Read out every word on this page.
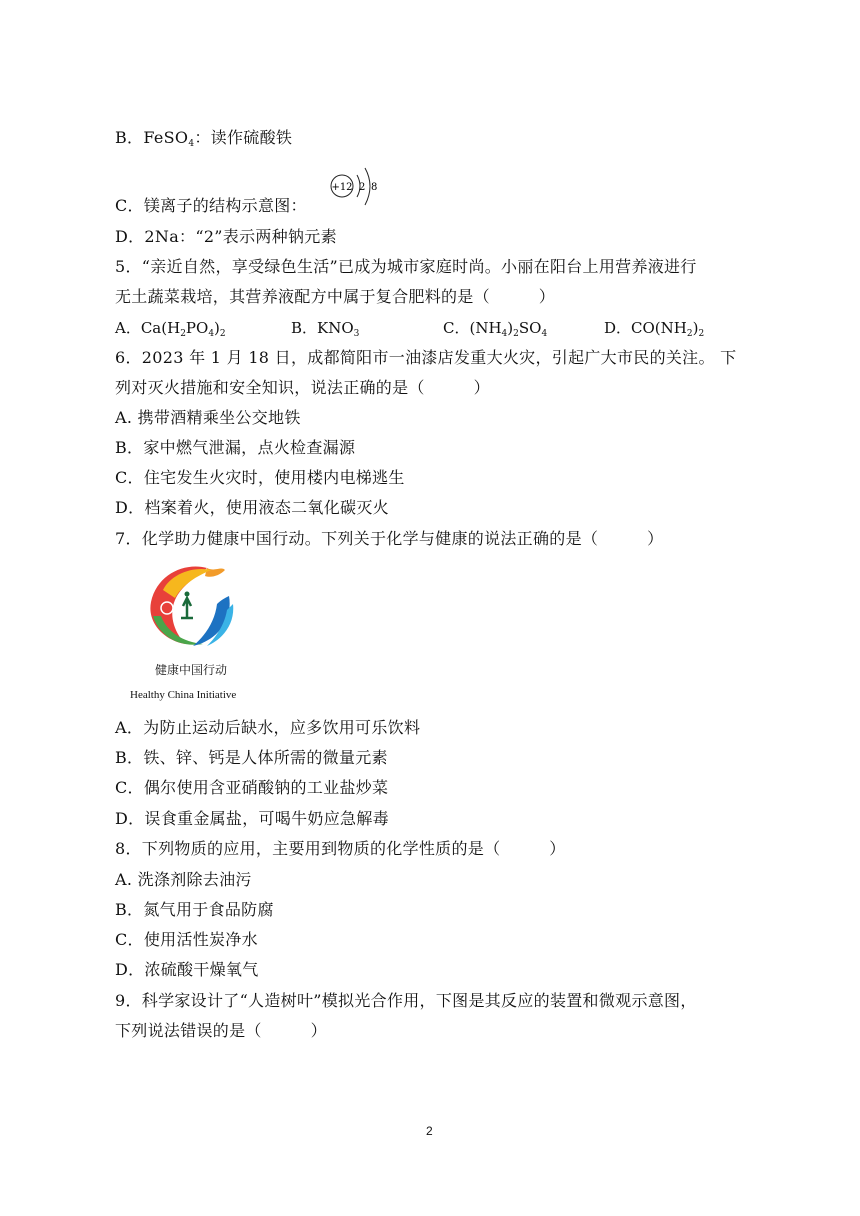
B．FeSO$_4$：读作硫酸铁
+12 2 8
C．镁离子的结构示意图：
D．2Na：“2”表示两种钠元素
5．“亲近自然，享受绿色生活”已成为城市家庭时尚。小丽在阳台上用营养液进行
无土蔬菜栽培，其营养液配方中属于复合肥料的是（　　　）
A．$Ca(H_2PO_4)_2$	B．$KNO_3$	C．$(NH_4)_2SO_4$	D．$CO(NH_2)_2$
6．2023 年 1 月 18 日，成都简阳市一油漆店发重大火灾，引起广大市民的关注。 下
列对灭火措施和安全知识，说法正确的是（　　　）
A. 携带酒精乘坐公交地铁
B．家中燃气泄漏，点火检查漏源
C．住宅发生火灾时，使用楼内电梯逃生
D．档案着火，使用液态二氧化碳灭火
7．化学助力健康中国行动。下列关于化学与健康的说法正确的是（　　　）
健康中国行动
Healthy China Initiative
A．为防止运动后缺水，应多饮用可乐饮料
B．铁、锌、钙是人体所需的微量元素
C．偶尔使用含亚硝酸钠的工业盐炒菜
D．误食重金属盐，可喝牛奶应急解毒
8．下列物质的应用，主要用到物质的化学性质的是（　　　）
A. 洗涤剂除去油污
B．氮气用于食品防腐
C．使用活性炭净水
D．浓硫酸干燥氧气
9．科学家设计了“人造树叶”模拟光合作用，下图是其反应的装置和微观示意图，
下列说法错误的是（　　　）
2
